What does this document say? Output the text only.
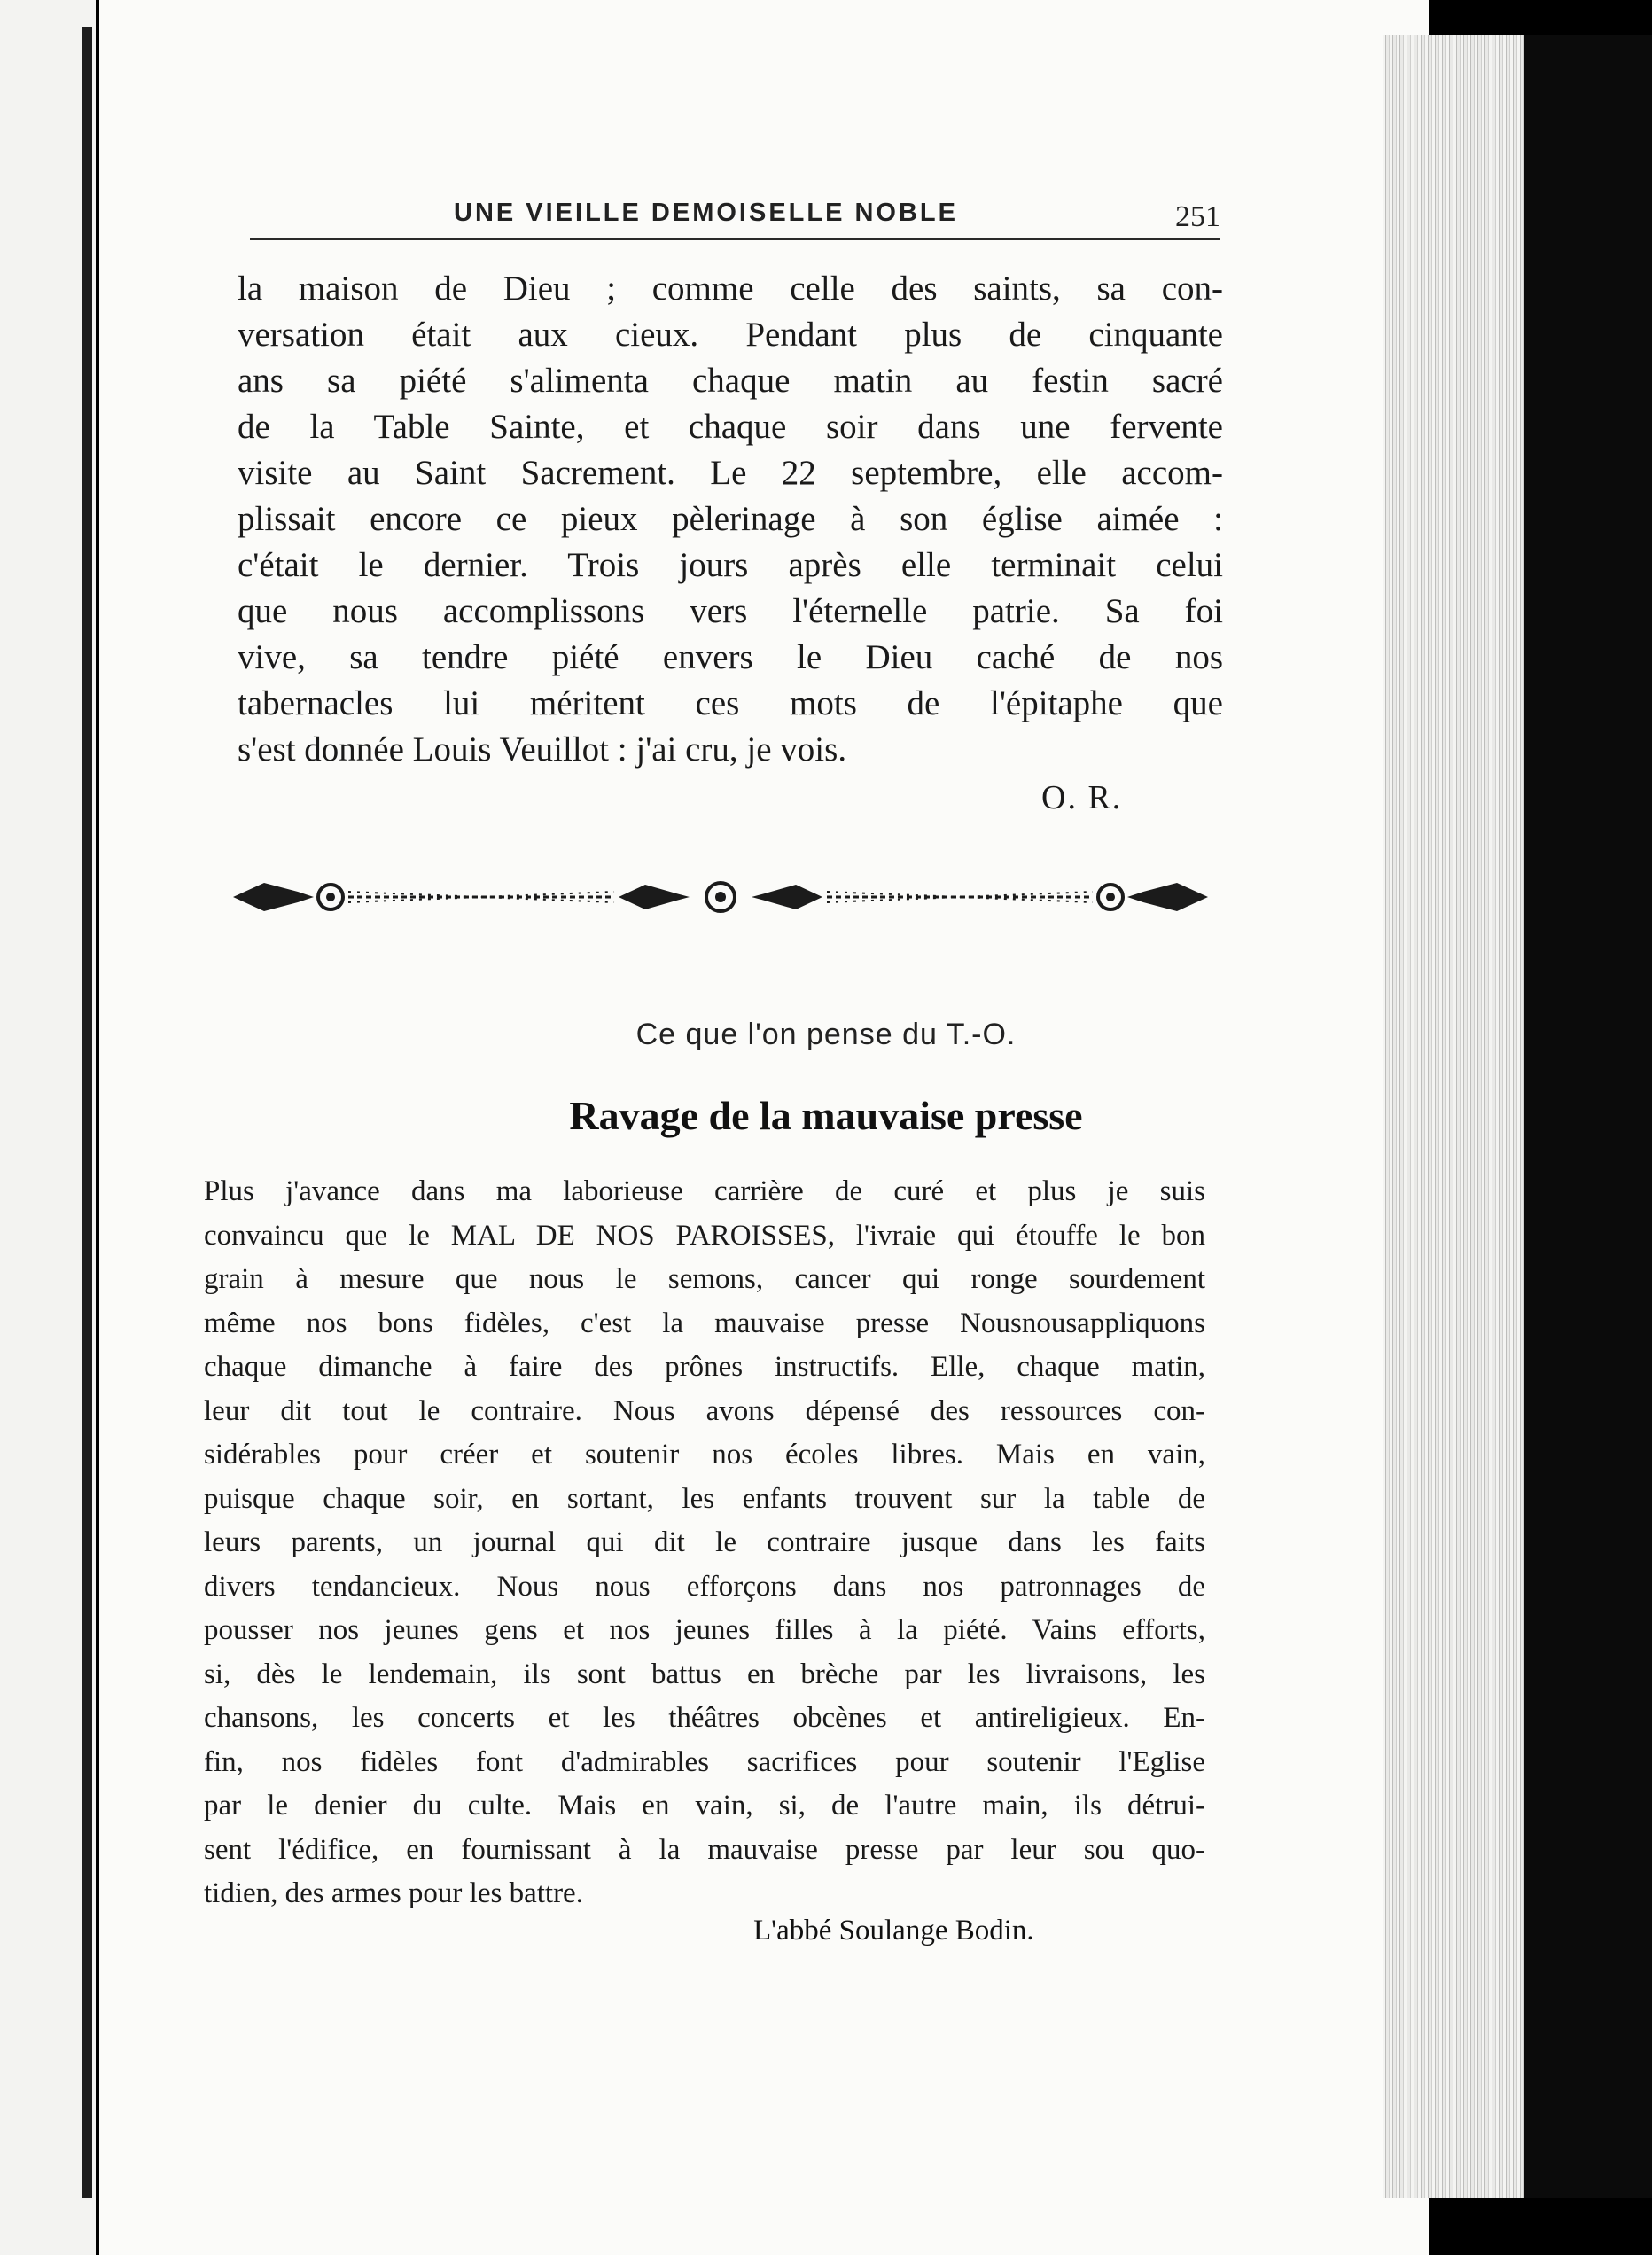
UNE VIEILLE DEMOISELLE NOBLE	251
la maison de Dieu ; comme celle des saints, sa con-
versation était aux cieux. Pendant plus de cinquante
ans sa piété s'alimenta chaque matin au festin sacré
de la Table Sainte, et chaque soir dans une fervente
visite au Saint Sacrement. Le 22 septembre, elle accom-
plissait encore ce pieux pèlerinage à son église aimée :
c'était le dernier. Trois jours après elle terminait celui
que nous accomplissons vers l'éternelle patrie. Sa foi
vive, sa tendre piété envers le Dieu caché de nos
tabernacles lui méritent ces mots de l'épitaphe que
s'est donnée Louis Veuillot : j'ai cru, je vois.
O. R.
Ce que l'on pense du T.-O.
Ravage de la mauvaise presse
Plus j'avance dans ma laborieuse carrière de curé et plus je suis
convaincu que le MAL DE NOS PAROISSES, l'ivraie qui étouffe le bon
grain à mesure que nous le semons, cancer qui ronge sourdement
même nos bons fidèles, c'est la mauvaise presse Nousnousappliquons
chaque dimanche à faire des prônes instructifs. Elle, chaque matin,
leur dit tout le contraire. Nous avons dépensé des ressources con-
sidérables pour créer et soutenir nos écoles libres. Mais en vain,
puisque chaque soir, en sortant, les enfants trouvent sur la table de
leurs parents, un journal qui dit le contraire jusque dans les faits
divers tendancieux. Nous nous efforçons dans nos patronnages de
pousser nos jeunes gens et nos jeunes filles à la piété. Vains efforts,
si, dès le lendemain, ils sont battus en brèche par les livraisons, les
chansons, les concerts et les théâtres obcènes et antireligieux. En-
fin, nos fidèles font d'admirables sacrifices pour soutenir l'Eglise
par le denier du culte. Mais en vain, si, de l'autre main, ils détrui-
sent l'édifice, en fournissant à la mauvaise presse par leur sou quo-
tidien, des armes pour les battre.
L'abbé Soulange Bodin.
